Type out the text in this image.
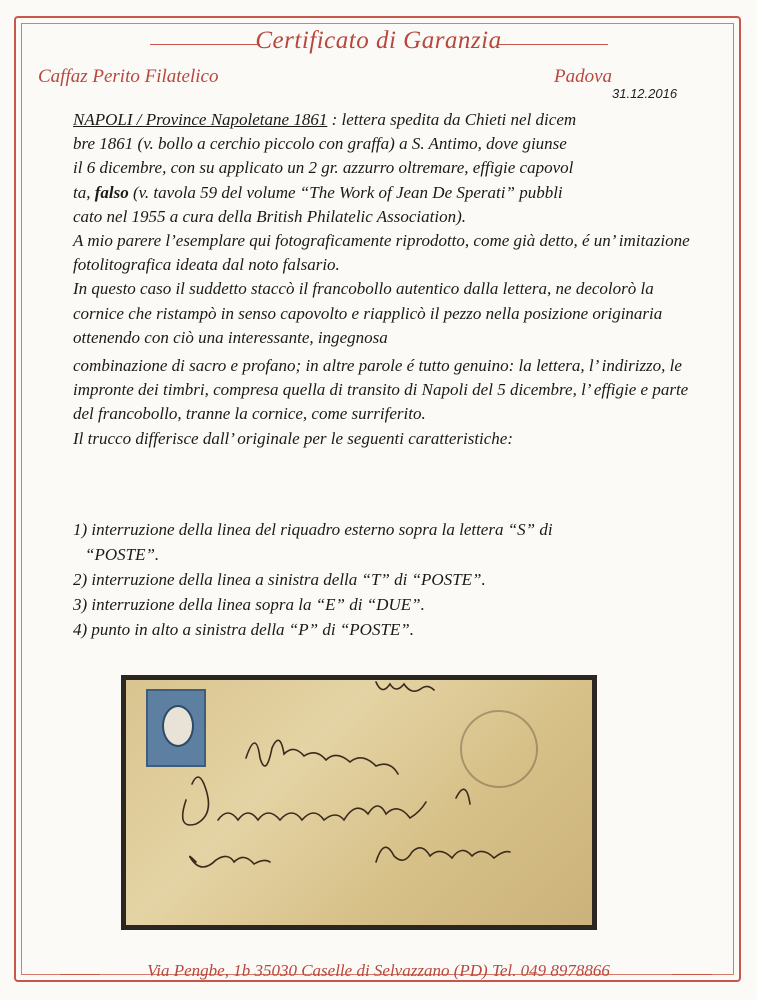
Certificato di Garanzia
Caffaz Perito Filatelico	Padova
31.12.2016

NAPOLI / Province Napoletane 1861 : lettera spedita da Chieti nel dicem

bre 1861 (v. bollo a cerchio piccolo con graffa) a S. Antimo, dove giunse

il 6 dicembre, con su applicato un 2 gr. azzurro oltremare, effigie capovol

ta, falso (v. tavola 59 del volume “The Work of Jean De Sperati” pubbli

cato nel 1955 a cura della British Philatelic Association).

A mio parere l’esemplare qui fotograficamente riprodotto, come già detto, é un’ imitazione fotolitografica ideata dal noto falsario.

In questo caso il suddetto staccò il francobollo autentico dalla lettera, ne decolorò la cornice che ristampò in senso capovolto e riapplicò il pezzo nella posizione originaria ottenendo con ciò una interessante, ingegnosa

combinazione di sacro e profano; in altre parole é tutto genuino: la lettera, l’ indirizzo, le impronte dei timbri, compresa quella di transito di Napoli del 5 dicembre, l’ effigie e parte del francobollo, tranne la cornice, come surriferito.

Il trucco differisce dall’ originale per le seguenti caratteristiche:

1) interruzione della linea del riquadro esterno sopra la lettera “S” di

“POSTE”.

2) interruzione della linea a sinistra della “T” di “POSTE”.

3) interruzione della linea sopra la “E” di “DUE”.

4) punto in alto a sinistra della “P” di “POSTE”.

Via Pengbe, 1b 35030 Caselle di Selvazzano (PD) Tel. 049 8978866
